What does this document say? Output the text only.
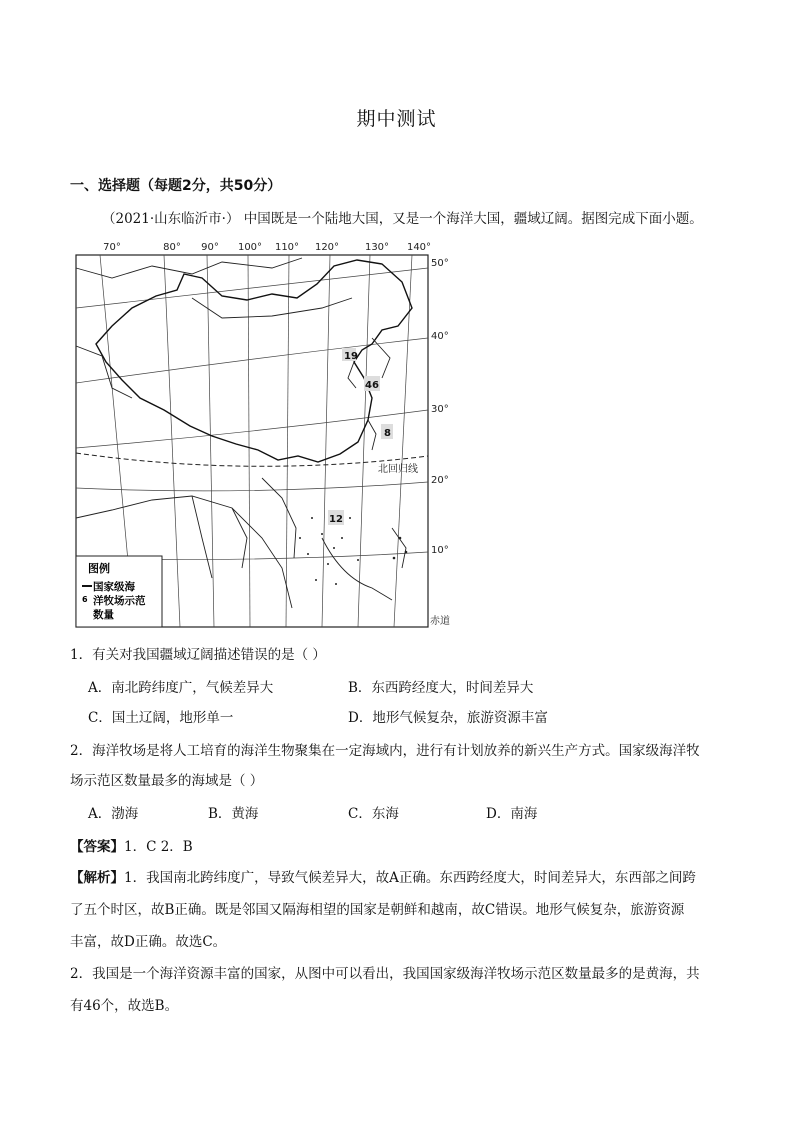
期中测试
一、选择题（每题2分，共50分）
（2021·山东临沂市·） 中国既是一个陆地大国，又是一个海洋大国，疆域辽阔。据图完成下面小题。
70°	80° 90° 100° 110° 120°	130° 140°
50°
40°
30°
20°
10°
北回归线
赤道
19
46
8
12
图例
6
国家级海
洋牧场示范
数量
1．有关对我国疆域辽阔描述错误的是（ ）
A．南北跨纬度广，气候差异大	B．东西跨经度大，时间差异大
C．国土辽阔，地形单一	D．地形气候复杂，旅游资源丰富
2．海洋牧场是将人工培育的海洋生物聚集在一定海域内，进行有计划放养的新兴生产方式。国家级海洋牧
场示范区数量最多的海域是（ ）
A．渤海	B．黄海	C．东海	D．南海
【答案】1．C 2．B
【解析】1．我国南北跨纬度广，导致气候差异大，故A正确。东西跨经度大，时间差异大，东西部之间跨
了五个时区，故B正确。既是邻国又隔海相望的国家是朝鲜和越南，故C错误。地形气候复杂，旅游资源
丰富，故D正确。故选C。
2．我国是一个海洋资源丰富的国家，从图中可以看出，我国国家级海洋牧场示范区数量最多的是黄海，共
有46个，故选B。
